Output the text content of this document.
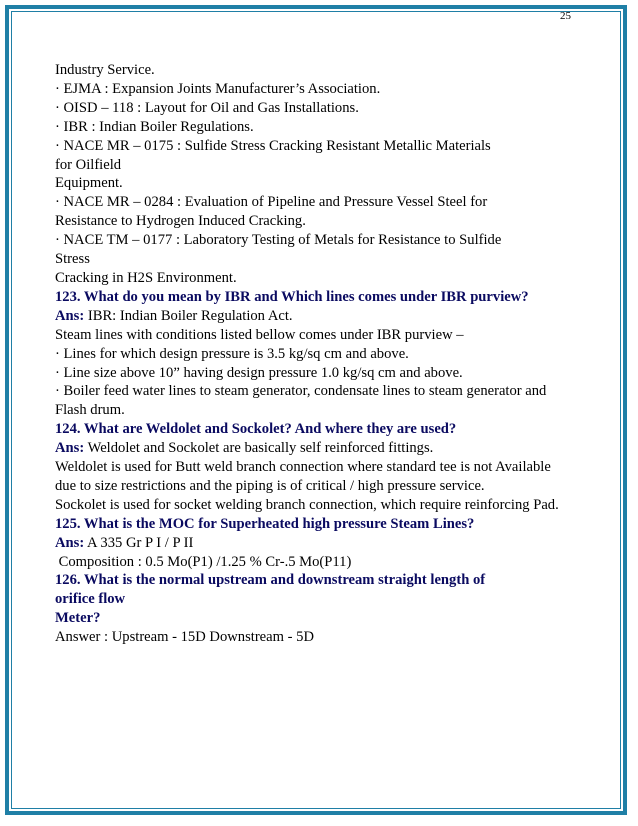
25

Industry Service.

· EJMA : Expansion Joints Manufacturer’s Association.

· OISD – 118 : Layout for Oil and Gas Installations.

· IBR : Indian Boiler Regulations.

· NACE MR – 0175 : Sulfide Stress Cracking Resistant Metallic Materials

for Oilfield

Equipment.

· NACE MR – 0284 : Evaluation of Pipeline and Pressure Vessel Steel for

Resistance to Hydrogen Induced Cracking.

· NACE TM – 0177 : Laboratory Testing of Metals for Resistance to Sulfide

Stress

Cracking in H2S Environment.

123. What do you mean by IBR and Which lines comes under IBR purview?

Ans: IBR: Indian Boiler Regulation Act.

Steam lines with conditions listed bellow comes under IBR purview –

· Lines for which design pressure is 3.5 kg/sq cm and above.

· Line size above 10” having design pressure 1.0 kg/sq cm and above.

· Boiler feed water lines to steam generator, condensate lines to steam generator and Flash drum.

124. What are Weldolet and Sockolet? And where they are used?

Ans: Weldolet and Sockolet are basically self reinforced fittings.

Weldolet is used for Butt weld branch connection where standard tee is not Available due to size restrictions and the piping is of critical / high pressure service.

Sockolet is used for socket welding branch connection, which require reinforcing Pad.

125. What is the MOC for Superheated high pressure Steam Lines?

Ans: A 335 Gr P I / P II

Composition : 0.5 Mo(P1) /1.25 % Cr-.5 Mo(P11)

126. What is the normal upstream and downstream straight length of

orifice flow

Meter?

Answer : Upstream - 15D Downstream - 5D
